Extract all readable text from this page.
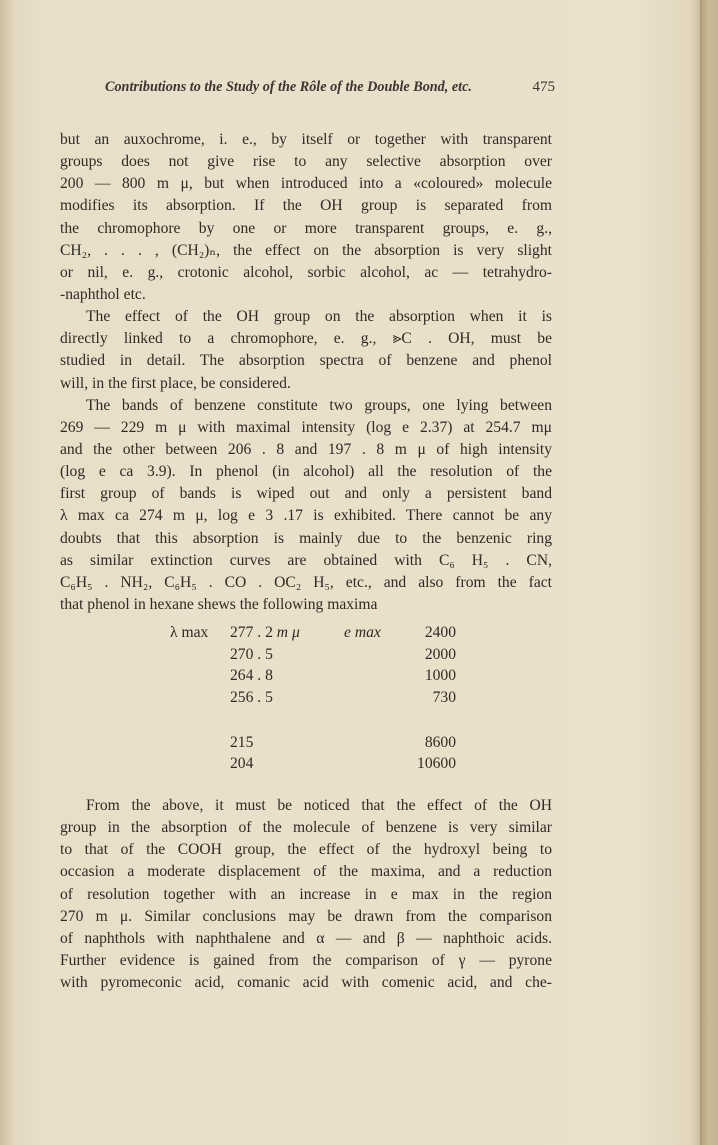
Contributions to the Study of the Rôle of the Double Bond, etc.	475
but an auxochrome, i. e., by itself or together with transparent
groups does not give rise to any selective absorption over
200 — 800 m μ, but when introduced into a «coloured» molecule
modifies its absorption. If the OH group is separated from
the chromophore by one or more transparent groups, e. g.,
CH₂, . . . , (CH₂)ₙ, the effect on the absorption is very slight
or nil, e. g., crotonic alcohol, sorbic alcohol, ac — tetrahydro-
-naphthol etc.
The effect of the OH group on the absorption when it is
directly linked to a chromophore, e. g., ⪢C . OH, must be
studied in detail. The absorption spectra of benzene and phenol
will, in the first place, be considered.
The bands of benzene constitute two groups, one lying between
269 — 229 m μ with maximal intensity (log e 2.37) at 254.7 mμ
and the other between 206 . 8 and 197 . 8 m μ of high intensity
(log e ca 3.9). In phenol (in alcohol) all the resolution of the
first group of bands is wiped out and only a persistent band
λ max ca 274 m μ, log e 3 .17 is exhibited. There cannot be any
doubts that this absorption is mainly due to the benzenic ring
as similar extinction curves are obtained with C₆ H₅ . CN,
C₆H₅ . NH₂, C₆H₅ . CO . OC₂ H₅, etc., and also from the fact
that phenol in hexane shews the following maxima
λ max 277 . 2 m μ	e max	2400
270 . 5	2000
264 . 8	1000
256 . 5	730
215	8600
204	10600
From the above, it must be noticed that the effect of the OH
group in the absorption of the molecule of benzene is very similar
to that of the COOH group, the effect of the hydroxyl being to
occasion a moderate displacement of the maxima, and a reduction
of resolution together with an increase in e max in the region
270 m μ. Similar conclusions may be drawn from the comparison
of naphthols with naphthalene and α — and β — naphthoic acids.
Further evidence is gained from the comparison of γ — pyrone
with pyromeconic acid, comanic acid with comenic acid, and che-
